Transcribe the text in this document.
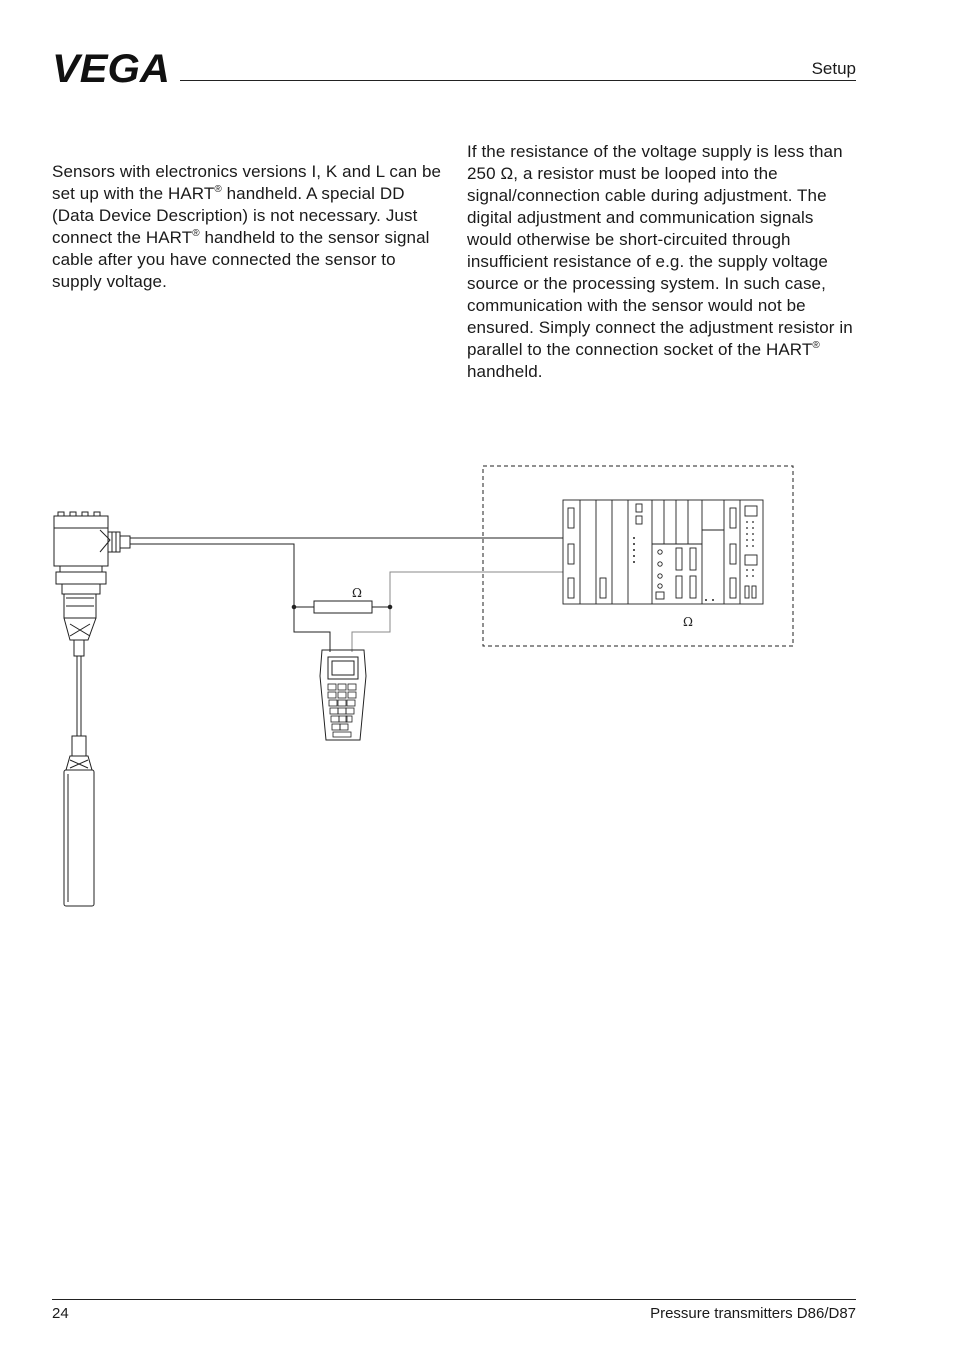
VEGA	Setup
Sensors with electronics versions I, K and L can be set up with the HART® handheld. A special DD (Data Device Description) is not necessary. Just connect the HART® handheld to the sensor signal cable after you have connected the sensor to supply voltage.
If the resistance of the voltage supply is less than 250 Ω, a resistor must be looped into the signal/connection cable during adjustment. The digital adjustment and communication signals would otherwise be short-circuited through insufficient resistance of e.g. the supply voltage source or the processing system. In such case, communication with the sensor would not be ensured. Simply connect the adjustment resistor in parallel to the connection socket of the HART® handheld.
Ω
Ω
24	Pressure transmitters D86/D87
